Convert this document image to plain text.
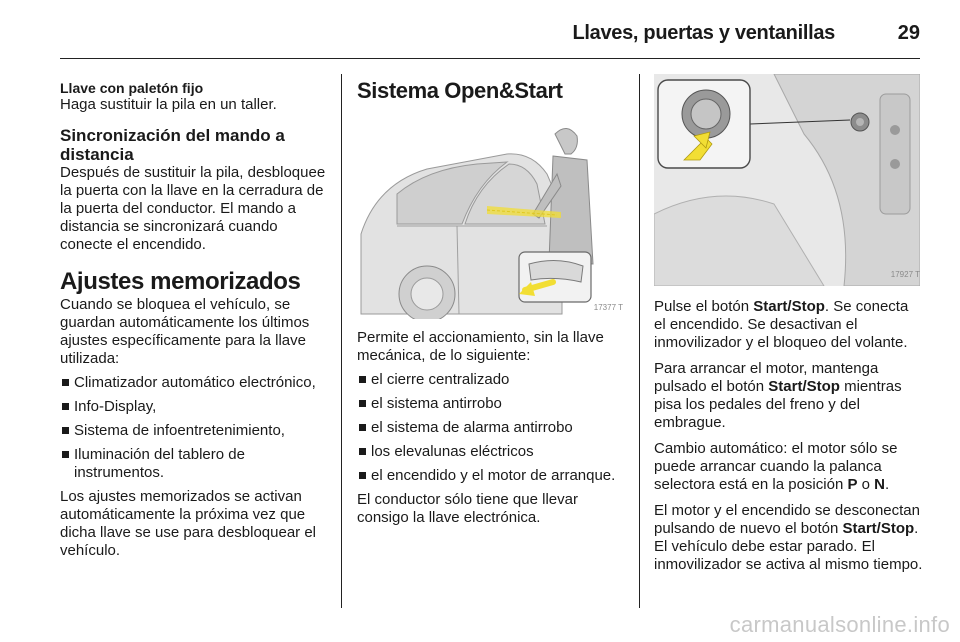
Llaves, puertas y ventanillas	29
Llave con paletón fijo

Haga sustituir la pila en un taller.

Sincronización del mando a distancia

Después de sustituir la pila, desbloquee la puerta con la llave en la cerradura de la puerta del conductor. El mando a distancia se sincronizará cuando conecte el encendido.

Ajustes memorizados

Cuando se bloquea el vehículo, se guardan automáticamente los últimos ajustes específicamente para la llave utilizada:

Climatizador automático electrónico,
Info-Display,
Sistema de infoentretenimiento,
Iluminación del tablero de instrumentos.

Los ajustes memorizados se activan automáticamente la próxima vez que dicha llave se use para desbloquear el vehículo.

Sistema Open&Start
17377 T

Permite el accionamiento, sin la llave mecánica, de lo siguiente:

el cierre centralizado
el sistema antirrobo
el sistema de alarma antirrobo
los elevalunas eléctricos
el encendido y el motor de arranque.

El conductor sólo tiene que llevar consigo la llave electrónica.

17927 T

Pulse el botón Start/Stop. Se conecta el encendido. Se desactivan el inmovilizador y el bloqueo del volante.

Para arrancar el motor, mantenga pulsado el botón Start/Stop mientras pisa los pedales del freno y del embrague.

Cambio automático: el motor sólo se puede arrancar cuando la palanca selectora está en la posición P o N.

El motor y el encendido se desconectan pulsando de nuevo el botón Start/Stop. El vehículo debe estar parado. El inmovilizador se activa al mismo tiempo.

carmanualsonline.info
